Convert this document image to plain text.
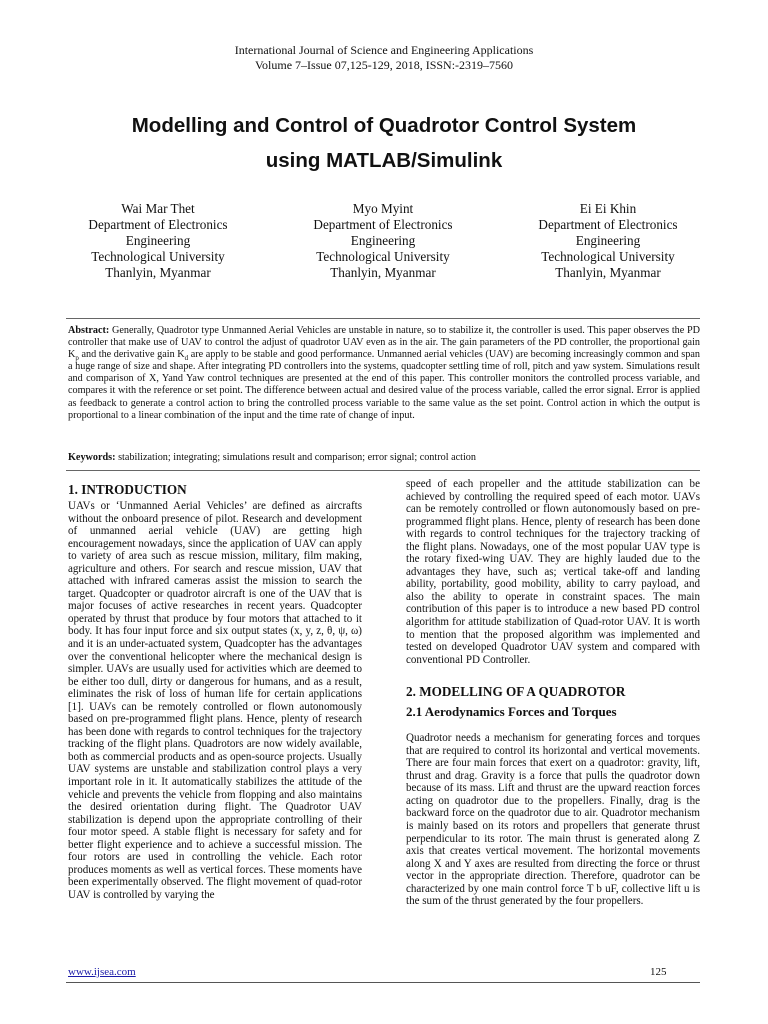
International Journal of Science and Engineering Applications
Volume 7–Issue 07,125-129, 2018, ISSN:-2319–7560
Modelling and Control of Quadrotor Control System
using MATLAB/Simulink
Wai Mar Thet
Department of Electronics
Engineering
Technological University
Thanlyin, Myanmar
Myo Myint
Department of Electronics
Engineering
Technological University
Thanlyin, Myanmar
Ei Ei Khin
Department of Electronics
Engineering
Technological University
Thanlyin, Myanmar
Abstract: Generally, Quadrotor type Unmanned Aerial Vehicles are unstable in nature, so to stabilize it, the controller is used. This paper observes the PD controller that make use of UAV to control the adjust of quadrotor UAV even as in the air. The gain parameters of the PD controller, the proportional gain $K_p$ and the derivative gain $K_d$ are apply to be stable and good performance. Unmanned aerial vehicles (UAV) are becoming increasingly common and span a huge range of size and shape. After integrating PD controllers into the systems, quadcopter settling time of roll, pitch and yaw system. Simulations result and comparison of X, Yand Yaw control techniques are presented at the end of this paper. This controller monitors the controlled process variable, and compares it with the reference or set point. The difference between actual and desired value of the process variable, called the error signal. Error is applied as feedback to generate a control action to bring the controlled process variable to the same value as the set point. Control action in which the output is proportional to a linear combination of the input and the time rate of change of input.
Keywords: stabilization; integrating; simulations result and comparison; error signal; control action
1. INTRODUCTION

UAVs or ‘Unmanned Aerial Vehicles’ are defined as aircrafts without the onboard presence of pilot. Research and development of unmanned aerial vehicle (UAV) are getting high encouragement nowadays, since the application of UAV can apply to variety of area such as rescue mission, military, film making, agriculture and others. For search and rescue mission, UAV that attached with infrared cameras assist the mission to search the target. Quadcopter or quadrotor aircraft is one of the UAV that is major focuses of active researches in recent years. Quadcopter operated by thrust that produce by four motors that attached to it body. It has four input force and six output states (x, y, z, θ, ψ, ω) and it is an under-actuated system, Quadcopter has the advantages over the conventional helicopter where the mechanical design is simpler. UAVs are usually used for activities which are deemed to be either too dull, dirty or dangerous for humans, and as a result, eliminates the risk of loss of human life for certain applications [1]. UAVs can be remotely controlled or flown autonomously based on pre-programmed flight plans. Hence, plenty of research has been done with regards to control techniques for the trajectory tracking of the flight plans. Quadrotors are now widely available, both as commercial products and as open-source projects. Usually UAV systems are unstable and stabilization control plays a very important role in it. It automatically stabilizes the attitude of the vehicle and prevents the vehicle from flopping and also maintains the desired orientation during flight. The Quadrotor UAV stabilization is depend upon the appropriate controlling of their four motor speed. A stable flight is necessary for safety and for better flight experience and to achieve a successful mission. The four rotors are used in controlling the vehicle. Each rotor produces moments as well as vertical forces. These moments have been experimentally observed. The flight movement of quad-rotor UAV is controlled by varying the

speed of each propeller and the attitude stabilization can be achieved by controlling the required speed of each motor. UAVs can be remotely controlled or flown autonomously based on pre-programmed flight plans. Hence, plenty of research has been done with regards to control techniques for the trajectory tracking of the flight plans. Nowadays, one of the most popular UAV type is the rotary fixed-wing UAV. They are highly lauded due to the advantages they have, such as; vertical take-off and landing ability, portability, good mobility, ability to carry payload, and also the ability to operate in constraint spaces. The main contribution of this paper is to introduce a new based PD control algorithm for attitude stabilization of Quad-rotor UAV. It is worth to mention that the proposed algorithm was implemented and tested on developed Quadrotor UAV system and compared with conventional PD Controller.

2. MODELLING OF A QUADROTOR
2.1 Aerodynamics Forces and Torques

Quadrotor needs a mechanism for generating forces and torques that are required to control its horizontal and vertical movements. There are four main forces that exert on a quadrotor: gravity, lift, thrust and drag. Gravity is a force that pulls the quadrotor down because of its mass. Lift and thrust are the upward reaction forces acting on quadrotor due to the propellers. Finally, drag is the backward force on the quadrotor due to air. Quadrotor mechanism is mainly based on its rotors and propellers that generate thrust perpendicular to its rotor. The main thrust is generated along Z axis that creates vertical movement. The horizontal movements along X and Y axes are resulted from directing the force or thrust vector in the appropriate direction. Therefore, quadrotor can be characterized by one main control force T b uF, collective lift u is the sum of the thrust generated by the four propellers.

www.ijsea.com	125
